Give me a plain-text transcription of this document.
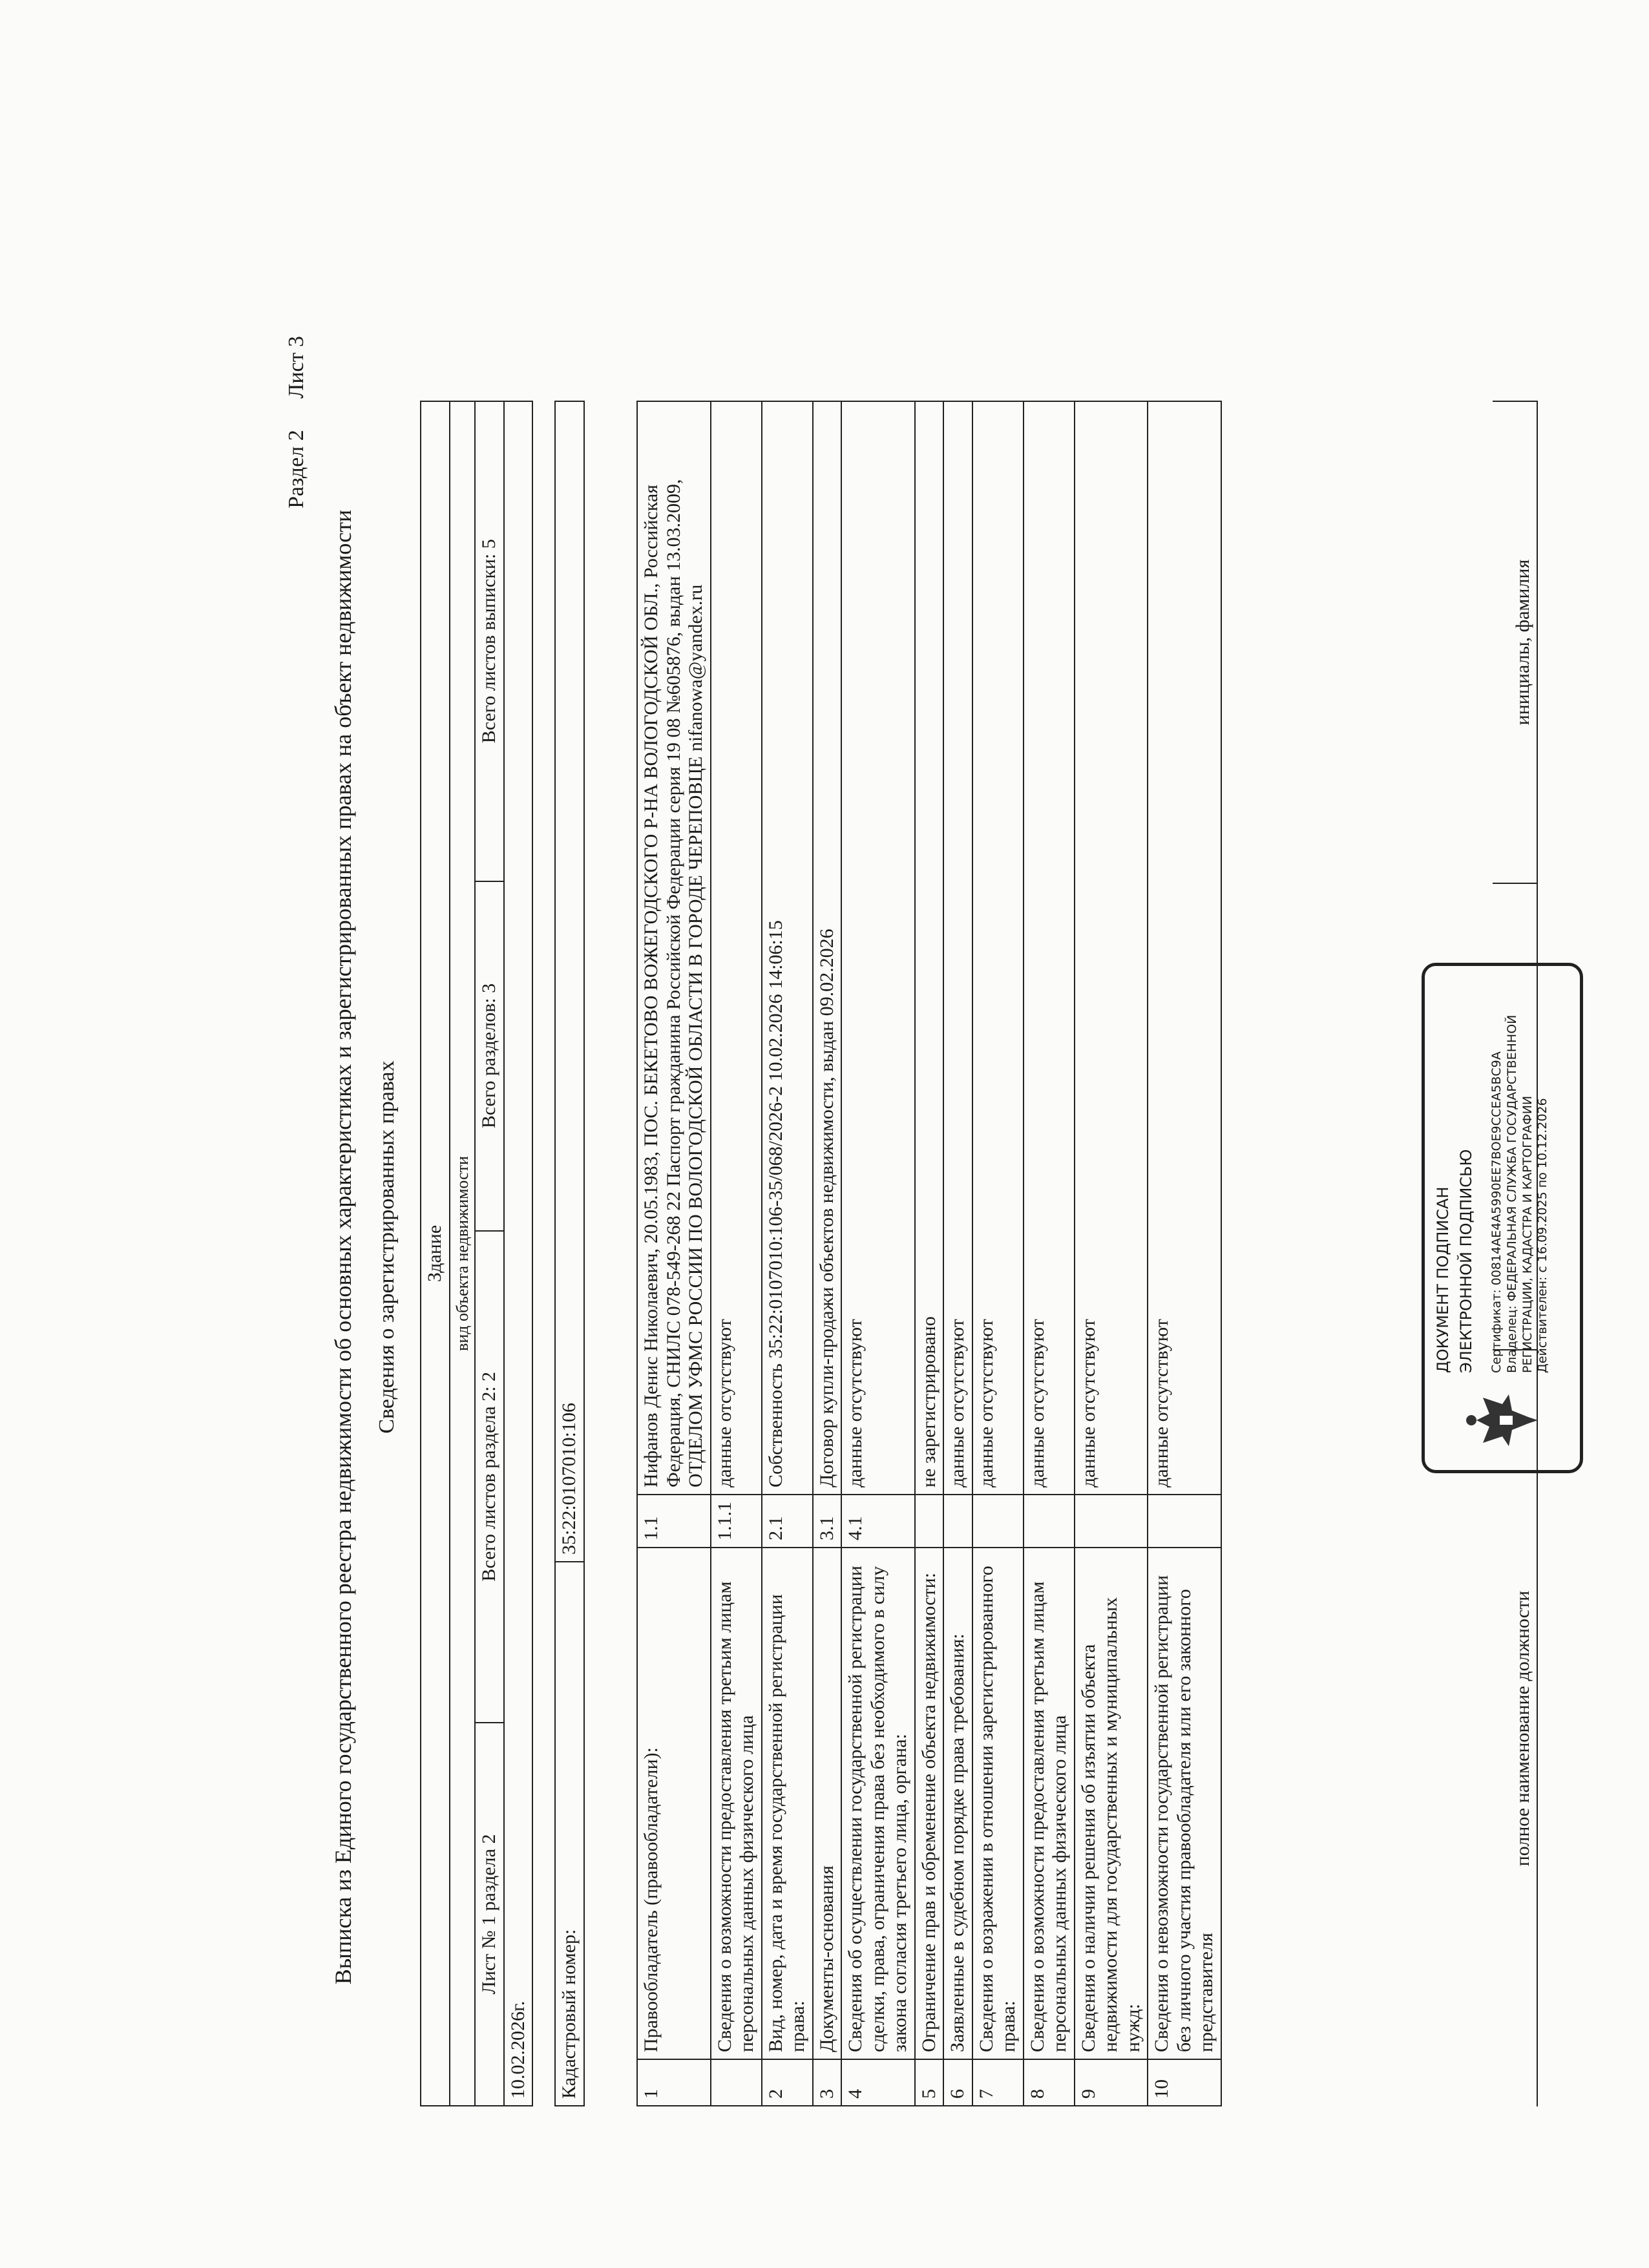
Раздел 2 Лист 3
Выписка из Единого государственного реестра недвижимости об основных характеристиках и зарегистрированных правах на объект недвижимости Сведения о зарегистрированных правах Здание
вид объекта недвижимости
Лист № 1 раздела 2	Всего листов раздела 2: 2	Всего разделов: 3	Всего листов выписки: 5
10.02.2026г. Кадастровый номер:	35:22:0107010:106
1	Правообладатель (правообладатели):	1.1	Нифанов Денис Николаевич, 20.05.1983, ПОС. БЕКЕТОВО ВОЖЕГОДСКОГО Р-НА ВОЛОГОДСКОЙ ОБЛ., Российская Федерация, СНИЛС 078-549-268 22 Паспорт гражданина Российской Федерации серия 19 08 №605876, выдан 13.03.2009, ОТДЕЛОМ УФМС РОССИИ ПО ВОЛОГОДСКОЙ ОБЛАСТИ В ГОРОДЕ ЧЕРЕПОВЦЕ nifanowa@yandex.ru
	Сведения о возможности предоставления третьим лицам персональных данных физического лица	1.1.1	данные отсутствуют
2	Вид, номер, дата и время государственной регистрации права:	2.1	Собственность 35:22:0107010:106-35/068/2026-2 10.02.2026 14:06:15
3	Документы-основания	3.1	Договор купли-продажи объектов недвижимости, выдан 09.02.2026
4	Сведения об осуществлении государственной регистрации сделки, права, ограничения права без необходимого в силу закона согласия третьего лица, органа:	4.1	данные отсутствуют
5	Ограничение прав и обременение объекта недвижимости:		не зарегистрировано
6	Заявленные в судебном порядке права требования:		данные отсутствуют
7	Сведения о возражении в отношении зарегистрированного права:		данные отсутствуют
8	Сведения о возможности предоставления третьим лицам персональных данных физического лица		данные отсутствуют
9	Сведения о наличии решения об изъятии объекта недвижимости для государственных и муниципальных нужд:		данные отсутствуют
10	Сведения о невозможности государственной регистрации без личного участия правообладателя или его законного представителя		данные отсутствуют
полное наименование должности		инициалы, фамилия
ДОКУМЕНТ ПОДПИСАН ЭЛЕКТРОННОЙ ПОДПИСЬЮ Сертификат: 00814АЕ4А5990ЕЕ7ВОЕ9ССЕА5ВС9А Владелец: ФЕДЕРАЛЬНАЯ СЛУЖБА ГОСУДАРСТВЕННОЙ РЕГИСТРАЦИИ, КАДАСТРА И КАРТОГРАФИИ Действителен: с 16.09.2025 по 10.12.2026
